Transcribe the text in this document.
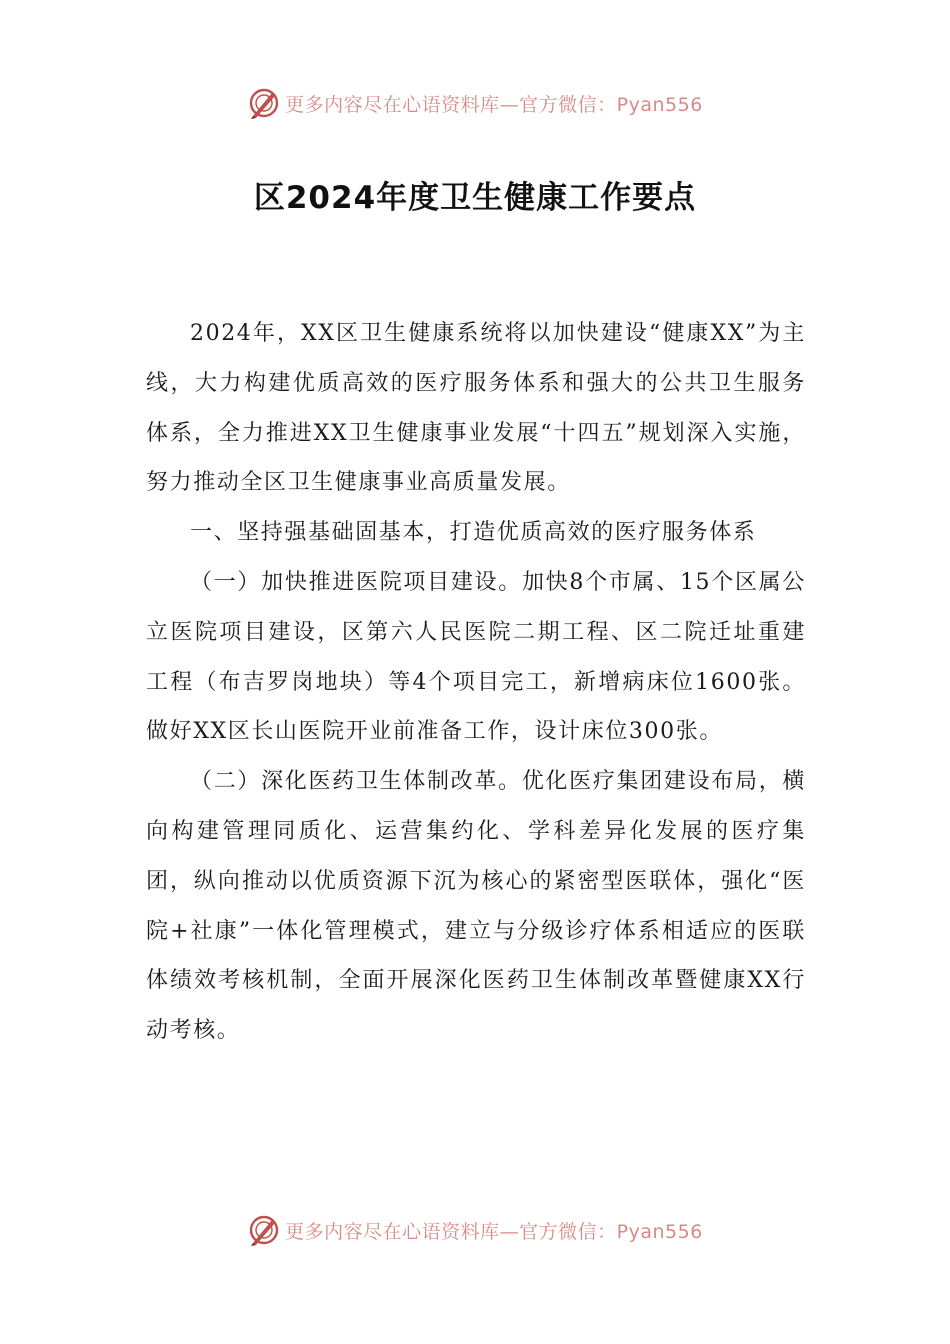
更多内容尽在心语资料库—官方微信：Pyan556
区2024年度卫生健康工作要点

2024年，XX区卫生健康系统将以加快建设“健康XX”为主线，大力构建优质高效的医疗服务体系和强大的公共卫生服务体系，全力推进XX卫生健康事业发展“十四五”规划深入实施，努力推动全区卫生健康事业高质量发展。

一、坚持强基础固基本，打造优质高效的医疗服务体系

（一）加快推进医院项目建设。加快8个市属、15个区属公立医院项目建设，区第六人民医院二期工程、区二院迁址重建工程（布吉罗岗地块）等4个项目完工，新增病床位1600张。做好XX区长山医院开业前准备工作，设计床位300张。

（二）深化医药卫生体制改革。优化医疗集团建设布局，横向构建管理同质化、运营集约化、学科差异化发展的医疗集团，纵向推动以优质资源下沉为核心的紧密型医联体，强化“医院+社康”一体化管理模式，建立与分级诊疗体系相适应的医联体绩效考核机制，全面开展深化医药卫生体制改革暨健康XX行动考核。

更多内容尽在心语资料库—官方微信：Pyan556
